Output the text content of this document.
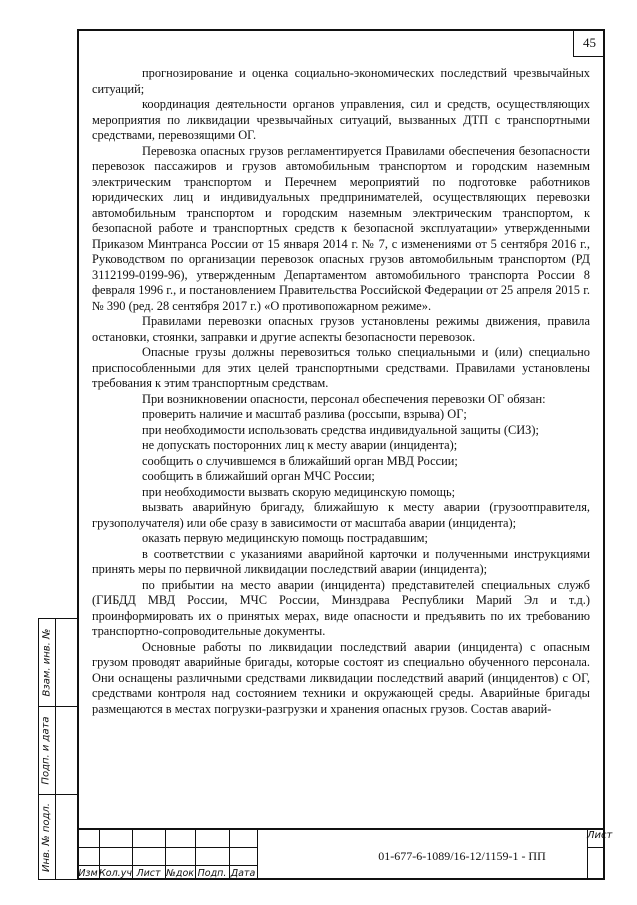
45

прогнозирование и оценка социально-экономических последствий чрезвычайных ситуаций;

координация деятельности органов управления, сил и средств, осуществляющих мероприятия по ликвидации чрезвычайных ситуаций, вызванных ДТП с транспортными средствами, перевозящими ОГ.

Перевозка опасных грузов регламентируется Правилами обеспечения безопасности перевозок пассажиров и грузов автомобильным транспортом и городским наземным электрическим транспортом и Перечнем мероприятий по подготовке работников юридических лиц и индивидуальных предпринимателей, осуществляющих перевозки автомобильным транспортом и городским наземным электрическим транспортом, к безопасной работе и транспортных средств к безопасной эксплуатации» утвержденными Приказом Минтранса России от 15 января 2014 г. № 7, с изменениями от 5 сентября 2016 г., Руководством по организации перевозок опасных грузов автомобильным транспортом (РД 3112199-0199-96), утвержденным Департаментом автомобильного транспорта России 8 февраля 1996 г., и постановлением Правительства Российской Федерации от 25 апреля 2015 г. № 390 (ред. 28 сентября 2017 г.) «О противопожарном режиме».

Правилами перевозки опасных грузов установлены режимы движения, правила остановки, стоянки, заправки и другие аспекты безопасности перевозок.

Опасные грузы должны перевозиться только специальными и (или) специально приспособленными для этих целей транспортными средствами. Правилами установлены требования к этим транспортным средствам.

При возникновении опасности, персонал обеспечения перевозки ОГ обязан:

проверить наличие и масштаб разлива (россыпи, взрыва) ОГ;

при необходимости использовать средства индивидуальной защиты (СИЗ);

не допускать посторонних лиц к месту аварии (инцидента);

сообщить о случившемся в ближайший орган МВД России;

сообщить в ближайший орган МЧС России;

при необходимости вызвать скорую медицинскую помощь;

вызвать аварийную бригаду, ближайшую к месту аварии (грузоотправителя, грузополучателя) или обе сразу в зависимости от масштаба аварии (инцидента);

оказать первую медицинскую помощь пострадавшим;

в соответствии с указаниями аварийной карточки и полученными инструкциями принять меры по первичной ликвидации последствий аварии (инцидента);

по прибытии на место аварии (инцидента) представителей специальных служб (ГИБДД МВД России, МЧС России, Минздрава Республики Марий Эл и т.д.) проинформировать их о принятых мерах, виде опасности и предъявить по их требованию транспортно-сопроводительные документы.

Основные работы по ликвидации последствий аварии (инцидента) с опасным грузом проводят аварийные бригады, которые состоят из специально обученного персонала. Они оснащены различными средствами ликвидации последствий аварий (инцидентов) с ОГ, средствами контроля над состоянием техники и окружающей среды. Аварийные бригады размещаются в местах погрузки-разгрузки и хранения опасных грузов. Состав аварий-

Взам. инв. №
Подп. и дата
Инв. № подл.
Изм Кол.уч Лист №док Подп. Дата
01-677-6-1089/16-12/1159-1 - ПП
Лист
